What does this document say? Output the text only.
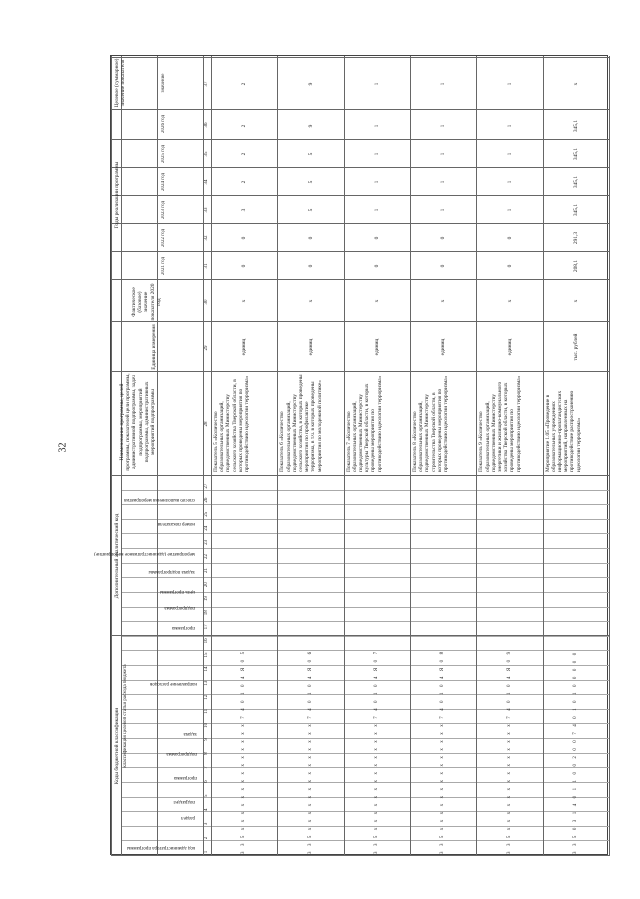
32
Коды бюджетной классификации
Дополнительный аналитический код
Наименование программы, целей программы, показателей цели программы, административной подпрограммы, задач подпрограммы, мероприятий подпрограммы, административных мероприятий подпрограммы
Единица измерения
Фактическое (базовое) значение показателя 2020 год
Годы реализации программы
Целевое (суммарное) значение показателя
2021 год
2022 год
2023 год
2024 год
2025 год
2026 год
значение
код администратора программы
раздел
подраздел
классификация целевой статьи расхода бюджета
программа
подпрограмма
задача
направление расходов
программа
подпрограмма
цель программы
задача подпрограммы
мероприятие (административное мероприятие)
номер показателя
способ выполнения мероприятия
1
2
3
4
5
6
7
8
9
10
11
12
13
14
15
16
17
18
19
20
21
22
23
24
25
26
27
28
29
30
31
32
33
34
35
36
37
3 3 5 х х х х х х х х х х х х х х 7 4 0 1 0 4 Я 0 5
Показатель 5 «Количество образовательных организаций, подведомственных Министерству сельского хозяйства Тверской области, в которых проведены мероприятия по противодействию идеологии терроризма»
единиц
х
0
0
3
2
2
2
2
3 3 5 х х х х х х х х х х х х х х 7 4 0 1 0 4 Я 0 6
Показатель 6 «Количество образовательных организаций, подведомственных Министерству сельского хозяйства, в которых проведены мероприятия по профилактике терроризма, в т.ч. в которых проведены мероприятия по молодежной политике»
единиц
х
0
0
5
5
5
9
9
3 3 5 х х х х х х х х х х х х х х 7 4 0 1 0 4 Я 0 7
Показатель 7 «Количество образовательных организаций, подведомственных Министерству культуры Тверской области, в которых проведены мероприятия по противодействию идеологии терроризма»
единиц
х
0
0
1
1
1
1
1
3 3 5 х х х х х х х х х х х х х х 7 4 0 1 0 4 Я 0 8
Показатель 8 «Количество образовательных организаций, подведомственных Министерству строительства Тверской области, в которых проведены мероприятия по противодействию идеологии терроризма»
единиц
х
0
0
1
1
1
1
1
3 3 5 х х х х х х х х х х х х х х 7 4 0 1 0 4 Я 0 9
Показатель 9 «Количество образовательных организаций, подведомственных Министерству энергетики и жилищно-коммунального хозяйства Тверской области, в которых проведены мероприятия по противодействию идеологии терроризма»
единиц
х
0
0
1
1
1
1
1
3 3 5 0 3 1 4 0 1 1 0 0 2 0 0 7 4 0 1 0 1 0 0 0 0 0
Мероприятие 1.05 «Проведение в образовательных учреждениях информационно-пропагандистских мероприятий, направленных на противодействие распространению идеологии терроризма»
тыс. рублей
х
208,1
291,3
345,1
345,1
345,1
345,1
х
